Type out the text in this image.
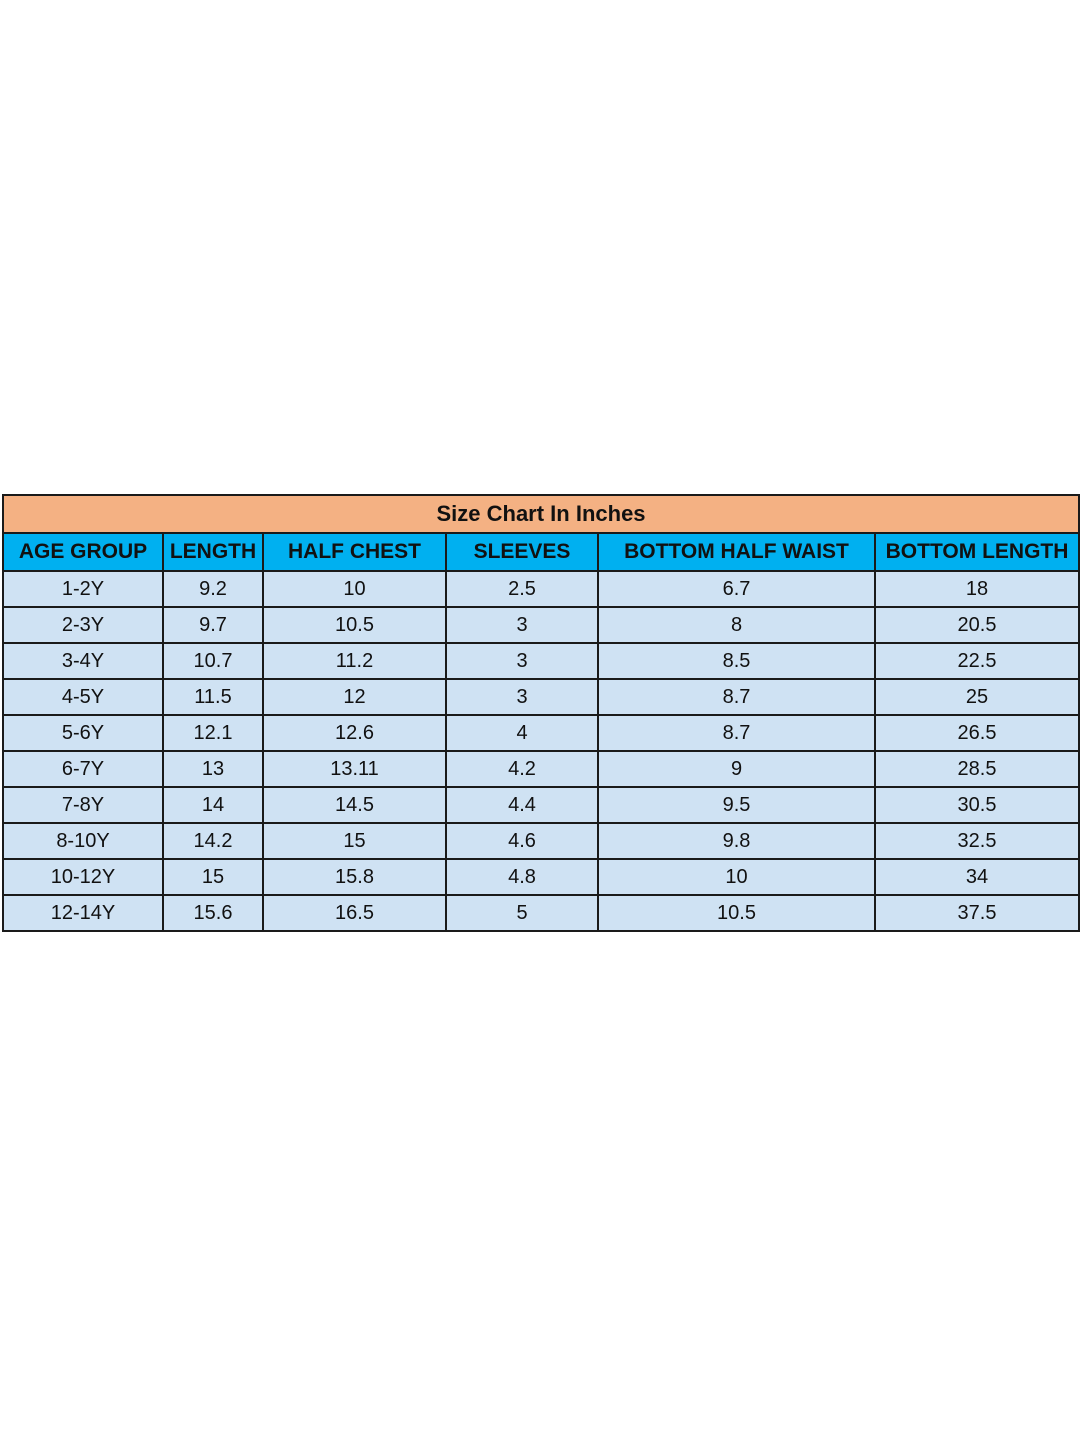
Size Chart In Inches					
AGE GROUP	LENGTH	HALF CHEST	SLEEVES	BOTTOM HALF WAIST	BOTTOM LENGTH
1-2Y	9.2	10	2.5	6.7	18
2-3Y	9.7	10.5	3	8	20.5
3-4Y	10.7	11.2	3	8.5	22.5
4-5Y	11.5	12	3	8.7	25
5-6Y	12.1	12.6	4	8.7	26.5
6-7Y	13	13.11	4.2	9	28.5
7-8Y	14	14.5	4.4	9.5	30.5
8-10Y	14.2	15	4.6	9.8	32.5
10-12Y	15	15.8	4.8	10	34
12-14Y	15.6	16.5	5	10.5	37.5
